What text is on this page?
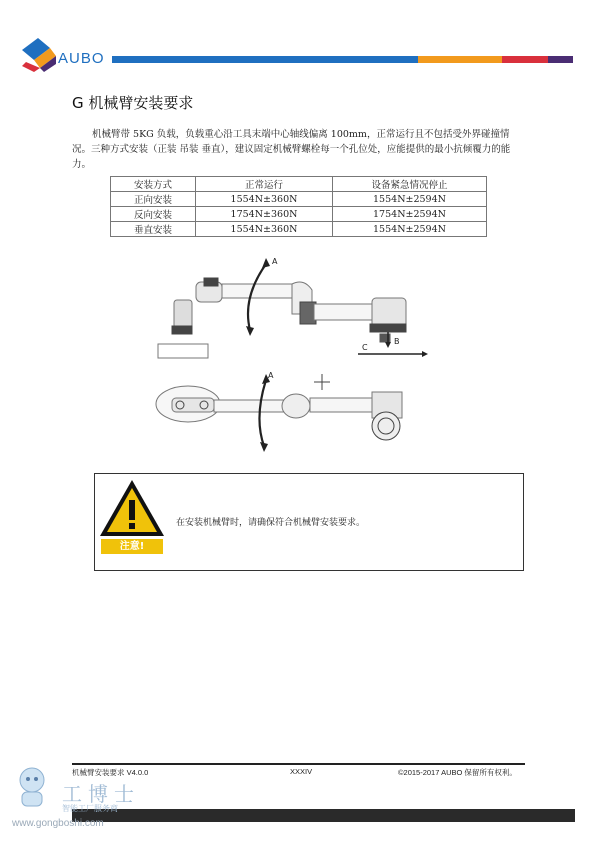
AUBO
G 机械臂安装要求
机械臂带 5KG 负载，负载重心沿工具末端中心轴线偏离 100mm，正常运行且不包括受外界碰撞情况。三种方式安装（正装 吊装 垂直），建议固定机械臂螺栓每一个孔位处，应能提供的最小抗倾覆力的能力。
安装方式	正常运行	设备紧急情况停止
正向安装	1554N±360N	1554N±2594N
反向安装	1754N±360N	1754N±2594N
垂直安装	1554N±360N	1554N±2594N
A
B
C
A
注意!
在安装机械臂时，请确保符合机械臂安装要求。
机械臂安装要求 V4.0.0	XXXIV	©2015-2017 AUBO 保留所有权利。
工博士
智能工厂服务商
www.gongboshi.com
